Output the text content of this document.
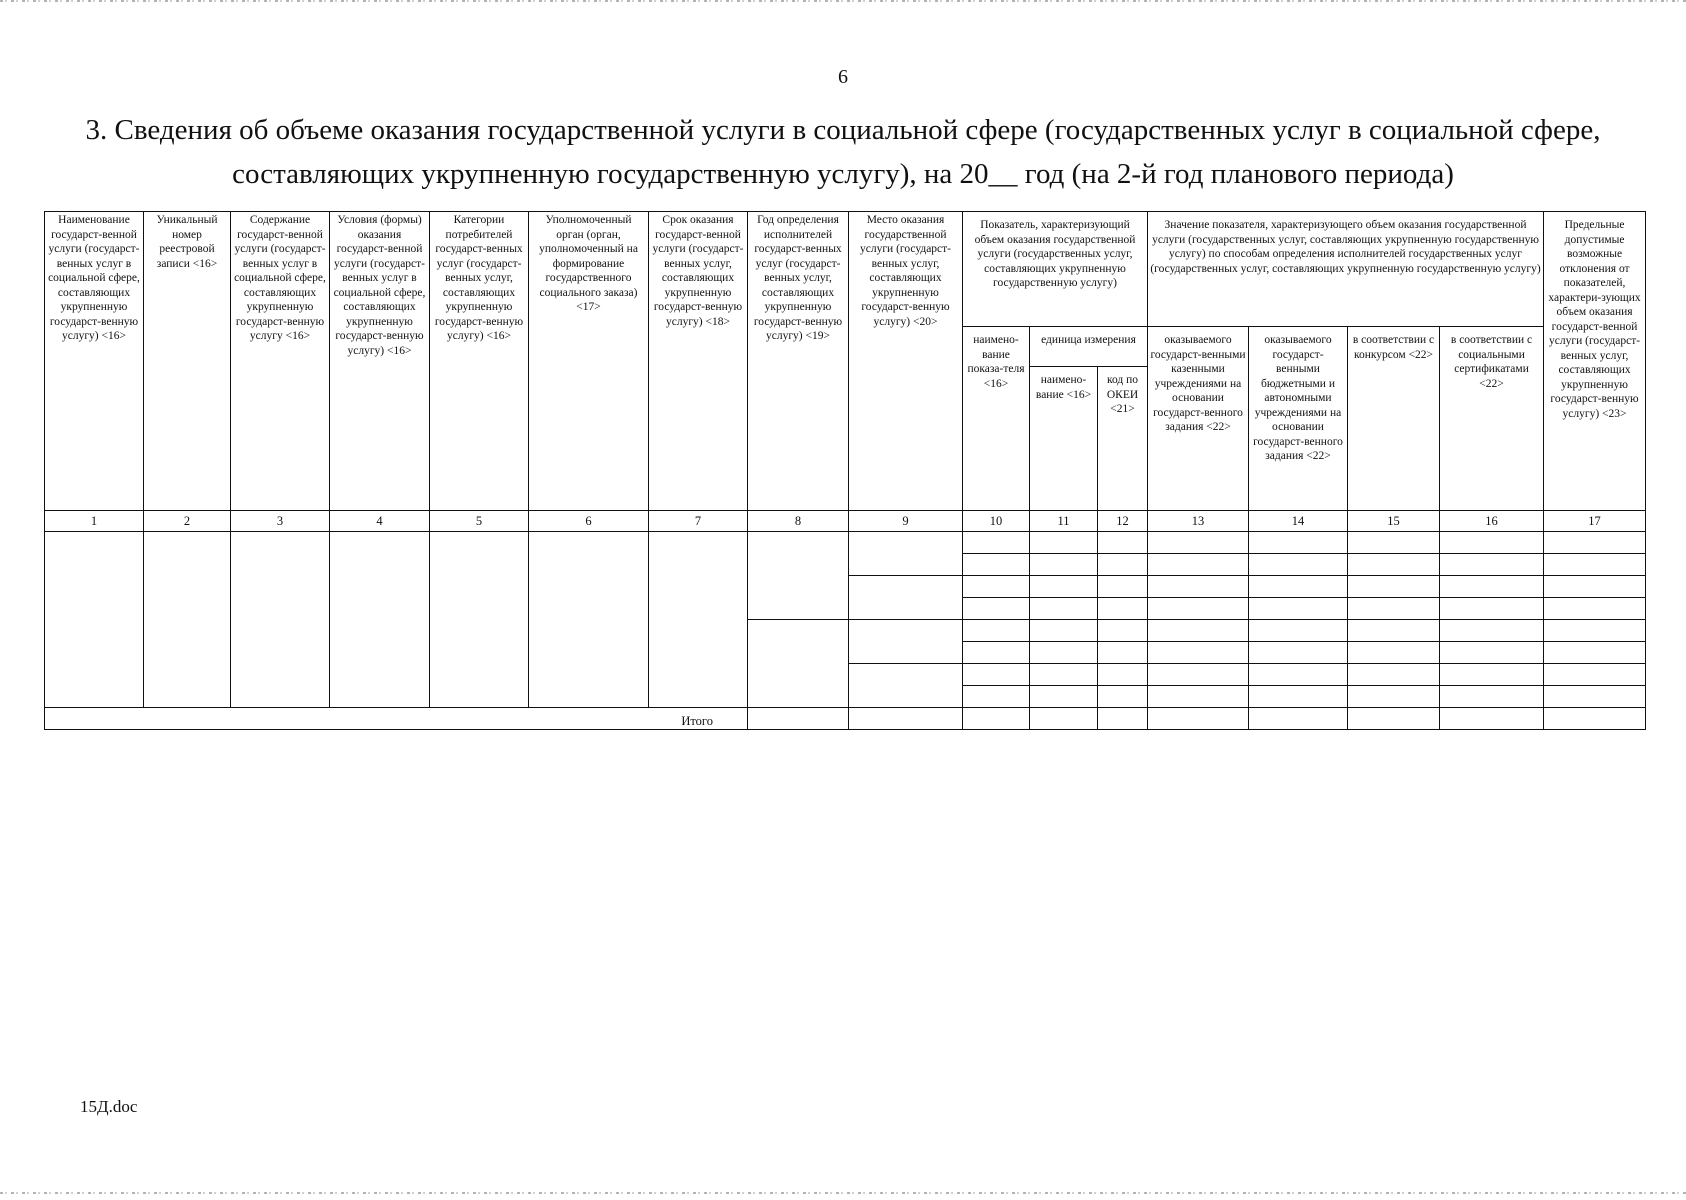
6
3. Сведения об объеме оказания государственной услуги в социальной сфере (государственных услуг в социальной сфере, составляющих укрупненную государственную услугу), на 20__ год (на 2-й год планового периода)
Наименование государст-венной услуги (государст-венных услуг в социальной сфере, составляющих укрупненную государст-венную услугу) <16>	Уникальный номер реестровой записи <16>	Содержание государст-венной услуги (государст-венных услуг в социальной сфере, составляющих укрупненную государст-венную услугу <16>	Условия (формы) оказания государст-венной услуги (государст-венных услуг в социальной сфере, составляющих укрупненную государст-венную услугу) <16>	Категории потребителей государст-венных услуг (государст-венных услуг, составляющих укрупненную государст-венную услугу) <16>	Уполномоченный орган (орган, уполномоченный на формирование государственного социального заказа) <17>	Срок оказания государст-венной услуги (государст-венных услуг, составляющих укрупненную государст-венную услугу) <18>	Год определения исполнителей государст-венных услуг (государст-венных услуг, составляющих укрупненную государст-венную услугу) <19>	Место оказания государственной услуги (государст-венных услуг, составляющих укрупненную государст-венную услугу) <20>	Показатель, характеризующий объем оказания государственной услуги (государственных услуг, составляющих укрупненную государственную услугу)			Значение показателя, характеризующего объем оказания государственной услуги (государственных услуг, составляющих укрупненную государственную услугу) по способам определения исполнителей государственных услуг (государственных услуг, составляющих укрупненную государственную услугу)				Предельные допустимые возможные отклонения от показателей, характери-зующих объем оказания государст-венной услуги (государст-венных услуг, составляющих укрупненную государст-венную услугу) <23>
									наимено-вание показа-теля <16>	единица измерения		оказываемого государст-венными казенными учреждениями на основании государст-венного задания <22>	оказываемого государст-венными бюджетными и автономными учреждениями на основании государст-венного задания <22>	в соответствии с конкурсом <22>	в соответствии с социальными сертификатами <22>	
										наимено-вание <16>	код по ОКЕИ <21>					
1	2	3	4	5	6	7	8	9	10	11	12	13	14	15	16	17

Итого																
15Д.doc
